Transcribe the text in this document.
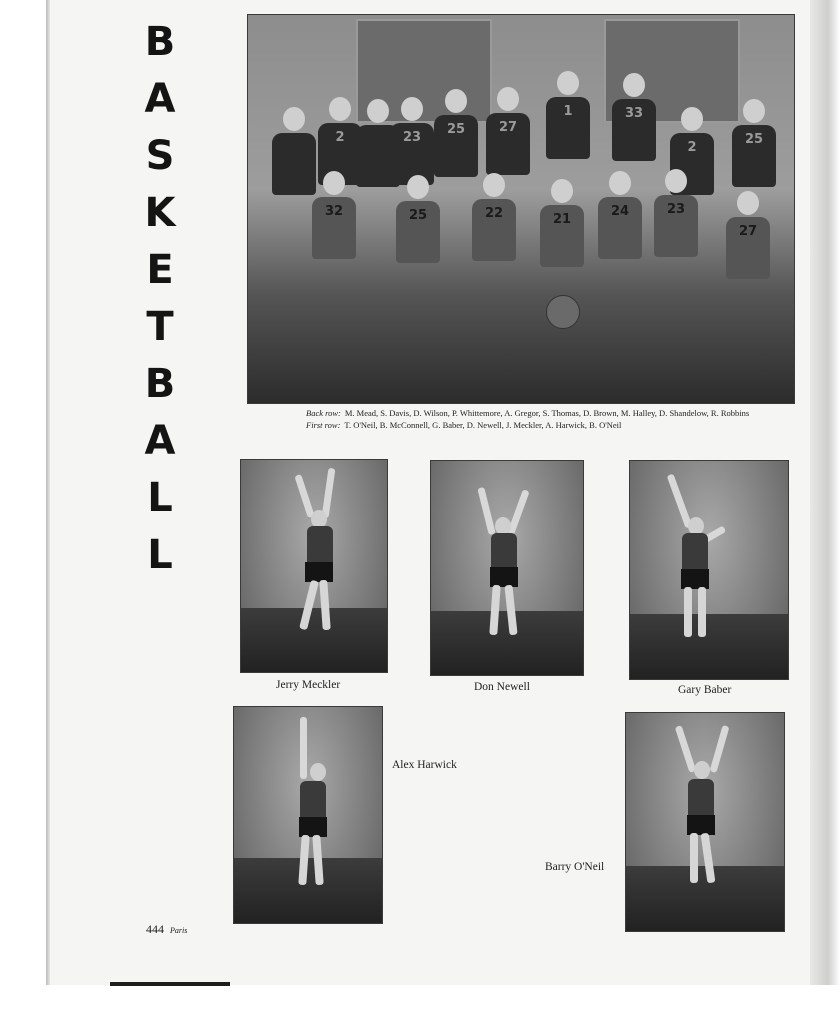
B
A
S
K
E
T
B
A
L
L
2	23
25	27
1	33
2
25
32	25	22	21
24	23
27
Back row: M. Mead, S. Davis, D. Wilson, P. Whittemore, A. Gregor, S. Thomas, D. Brown, M. Halley, D. Shandelow, R. Robbins
First row: T. O'Neil, B. McConnell, G. Baber, D. Newell, J. Meckler, A. Harwick, B. O'Neil
Jerry Meckler	Don Newell	Gary Baber
Alex Harwick
Barry O'Neil
444 Paris
